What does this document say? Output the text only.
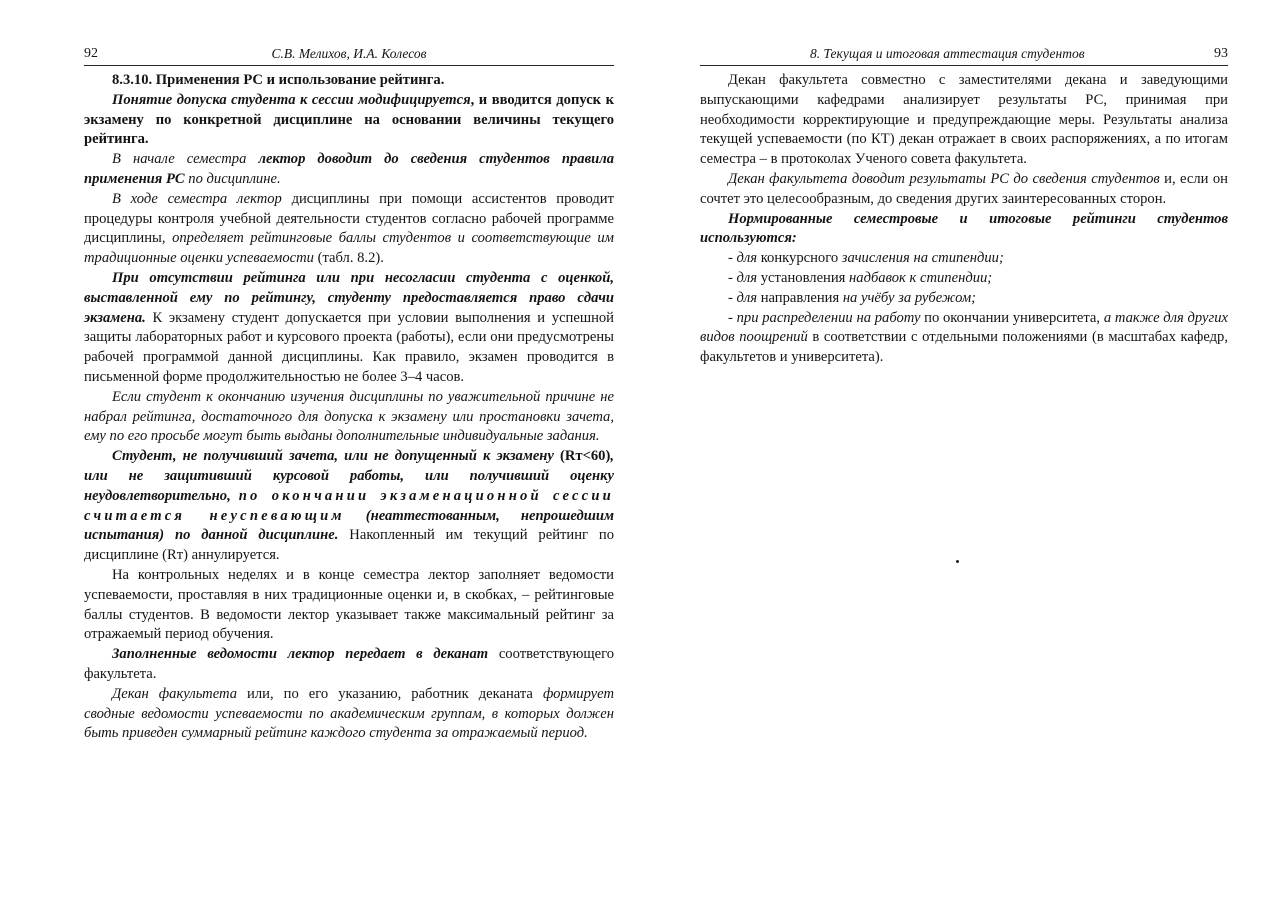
92	С.В. Мелихов, И.А. Колесов

8.3.10. Применения РС и использование рейтинга.

Понятие допуска студента к сессии модифицируется, и вводится допуск к экзамену по конкретной дисциплине на основании величины текущего рейтинга.

В начале семестра лектор доводит до сведения студентов правила применения РС по дисциплине.

В ходе семестра лектор дисциплины при помощи ассистентов проводит процедуры контроля учебной деятельности студентов согласно рабочей программе дисциплины, определяет рейтинговые баллы студентов и соответствующие им традиционные оценки успеваемости (табл. 8.2).

При отсутствии рейтинга или при несогласии студента с оценкой, выставленной ему по рейтингу, студенту предоставляется право сдачи экзамена. К экзамену студент допускается при условии выполнения и успешной защиты лабораторных работ и курсового проекта (работы), если они предусмотрены рабочей программой данной дисциплины. Как правило, экзамен проводится в письменной форме продолжительностью не более 3–4 часов.

Если студент к окончанию изучения дисциплины по уважительной причине не набрал рейтинга, достаточного для допуска к экзамену или простановки зачета, ему по его просьбе могут быть выданы дополнительные индивидуальные задания.

Студент, не получивший зачета, или не допущенный к экзамену (Rт<60), или не защитивший курсовой работы, или получивший оценку неудовлетворительно, по окончании экзаменационной сессии считается неуспевающим (неаттестованным, непрошедшим испытания) по данной дисциплине. Накопленный им текущий рейтинг по дисциплине (Rт) аннулируется.

На контрольных неделях и в конце семестра лектор заполняет ведомости успеваемости, проставляя в них традиционные оценки и, в скобках, – рейтинговые баллы студентов. В ведомости лектор указывает также максимальный рейтинг за отражаемый период обучения.

Заполненные ведомости лектор передает в деканат соответствующего факультета.

Декан факультета или, по его указанию, работник деканата формирует сводные ведомости успеваемости по академическим группам, в которых должен быть приведен суммарный рейтинг каждого студента за отражаемый период.

8. Текущая и итоговая аттестация студентов	93

Декан факультета совместно с заместителями декана и заведующими выпускающими кафедрами анализирует результаты РС, принимая при необходимости корректирующие и предупреждающие меры. Результаты анализа текущей успеваемости (по КТ) декан отражает в своих распоряжениях, а по итогам семестра – в протоколах Ученого совета факультета.

Декан факультета доводит результаты РС до сведения студентов и, если он сочтет это целесообразным, до сведения других заинтересованных сторон.

Нормированные семестровые и итоговые рейтинги студентов используются:

- для конкурсного зачисления на стипендии;

- для установления надбавок к стипендии;

- для направления на учёбу за рубежом;

- при распределении на работу по окончании университета, а также для других видов поощрений в соответствии с отдельными положениями (в масштабах кафедр, факультетов и университета).
